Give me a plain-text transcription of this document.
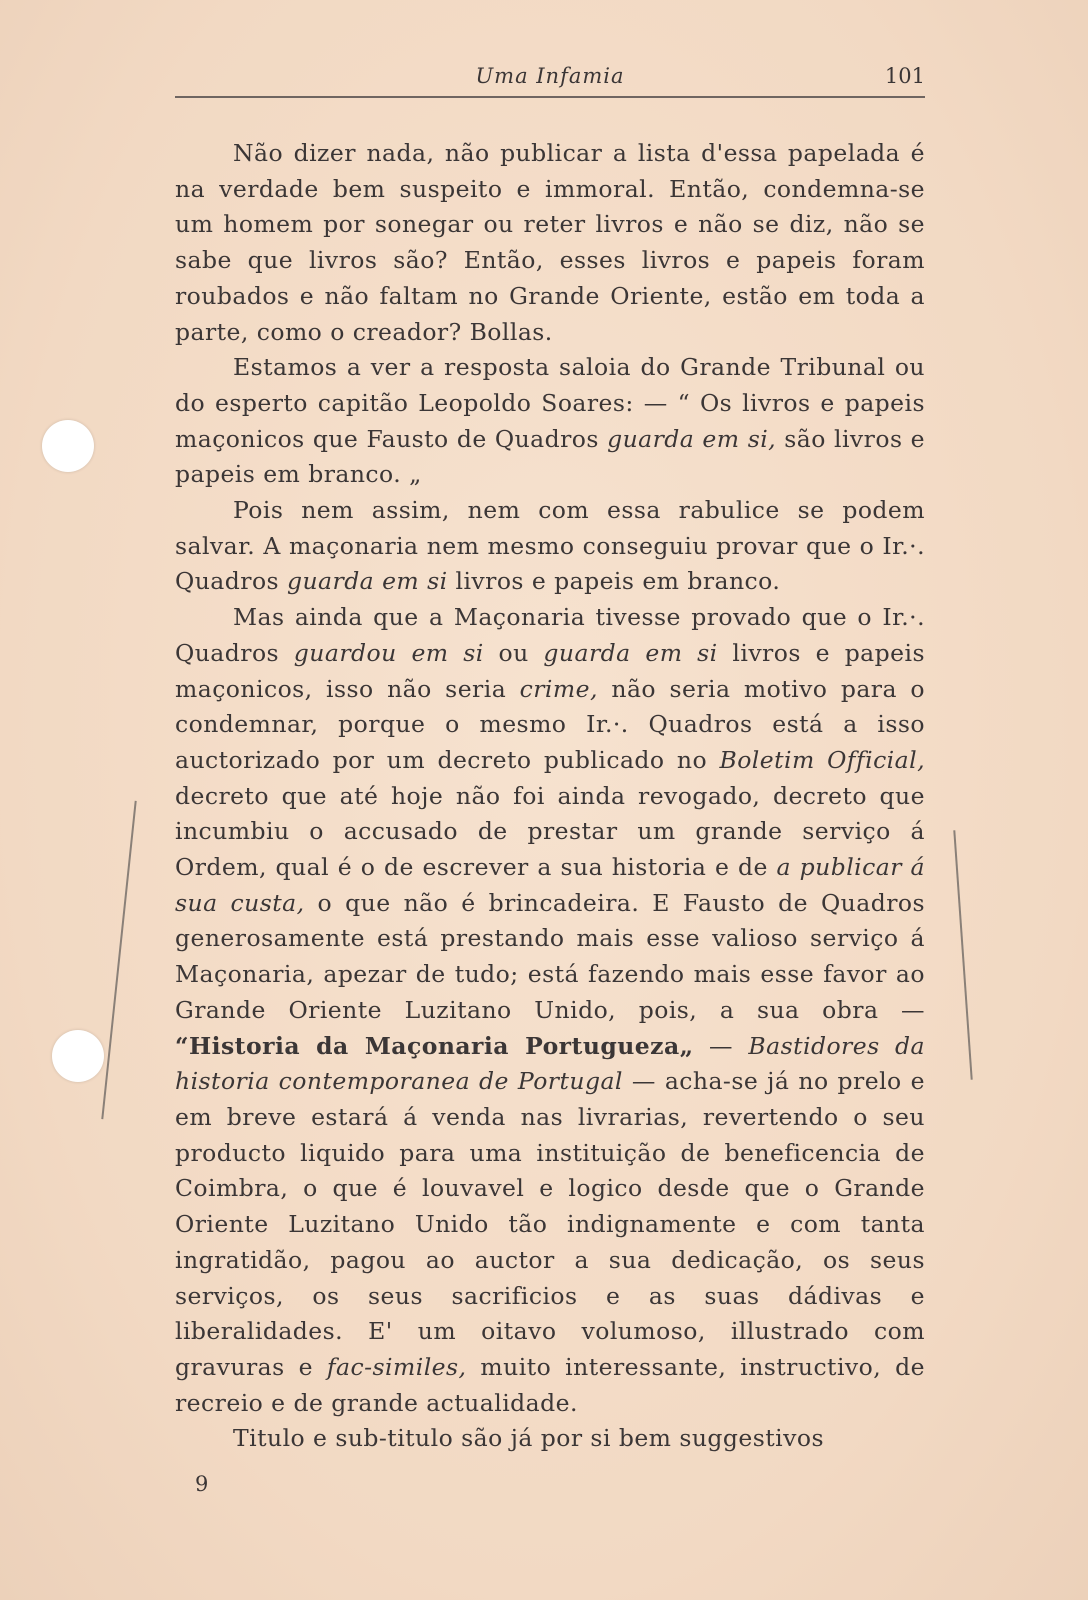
Uma Infamia	101

Não dizer nada, não publicar a lista d'essa papelada é na verdade bem suspeito e immoral. Então, condemna-se um homem por sonegar ou reter livros e não se diz, não se sabe que livros são? Então, esses livros e papeis foram roubados e não faltam no Grande Oriente, estão em toda a parte, como o creador? Bollas.

Estamos a ver a resposta saloia do Grande Tribunal ou do esperto capitão Leopoldo Soares: — “ Os livros e papeis maçonicos que Fausto de Quadros guarda em si, são livros e papeis em branco. „

Pois nem assim, nem com essa rabulice se podem salvar. A maçonaria nem mesmo conseguiu provar que o Ir.·. Quadros guarda em si livros e papeis em branco.

Mas ainda que a Maçonaria tivesse provado que o Ir.·. Quadros guardou em si ou guarda em si livros e papeis maçonicos, isso não seria crime, não seria motivo para o condemnar, porque o mesmo Ir.·. Quadros está a isso auctorizado por um decreto publicado no Boletim Official, decreto que até hoje não foi ainda revogado, decreto que incumbiu o accusado de prestar um grande serviço á Ordem, qual é o de escrever a sua historia e de a publicar á sua custa, o que não é brincadeira. E Fausto de Quadros generosamente está prestando mais esse valioso serviço á Maçonaria, apezar de tudo; está fazendo mais esse favor ao Grande Oriente Luzitano Unido, pois, a sua obra — “Historia da Maçonaria Portugueza„ — Bastidores da historia contemporanea de Portugal — acha-se já no prelo e em breve estará á venda nas livrarias, revertendo o seu producto liquido para uma instituição de beneficencia de Coimbra, o que é louvavel e logico desde que o Grande Oriente Luzitano Unido tão indignamente e com tanta ingratidão, pagou ao auctor a sua dedicação, os seus serviços, os seus sacrificios e as suas dádivas e liberalidades. E' um oitavo volumoso, illustrado com gravuras e fac-similes, muito interessante, instructivo, de recreio e de grande actualidade.

Titulo e sub-titulo são já por si bem suggestivos

9
